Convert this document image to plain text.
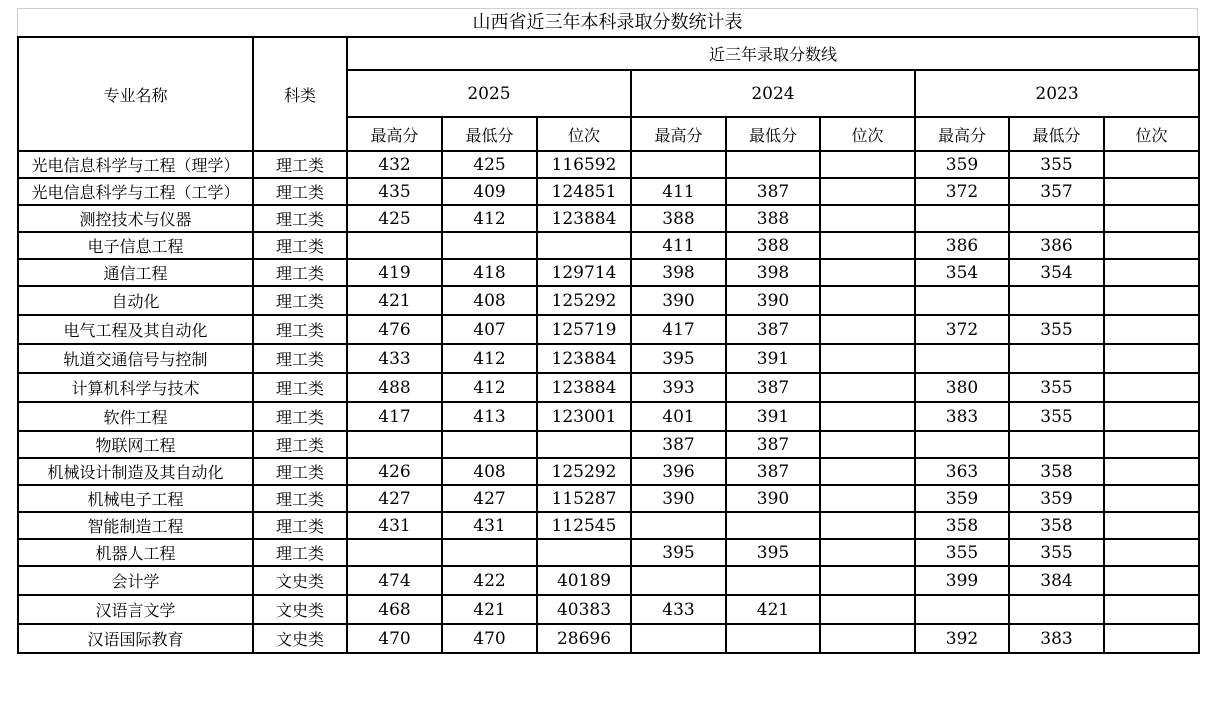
山西省近三年本科录取分数统计表
专业名称	科类	近三年录取分数线								
		2025			2024			2023		
		最高分	最低分	位次	最高分	最低分	位次	最高分	最低分	位次
光电信息科学与工程（理学）	理工类	432	425	116592				359	355	
光电信息科学与工程（工学）	理工类	435	409	124851	411	387		372	357	
测控技术与仪器	理工类	425	412	123884	388	388				
电子信息工程	理工类				411	388		386	386	
通信工程	理工类	419	418	129714	398	398		354	354	
自动化	理工类	421	408	125292	390	390				
电气工程及其自动化	理工类	476	407	125719	417	387		372	355	
轨道交通信号与控制	理工类	433	412	123884	395	391				
计算机科学与技术	理工类	488	412	123884	393	387		380	355	
软件工程	理工类	417	413	123001	401	391		383	355	
物联网工程	理工类				387	387				
机械设计制造及其自动化	理工类	426	408	125292	396	387		363	358	
机械电子工程	理工类	427	427	115287	390	390		359	359	
智能制造工程	理工类	431	431	112545				358	358	
机器人工程	理工类				395	395		355	355	
会计学	文史类	474	422	40189				399	384	
汉语言文学	文史类	468	421	40383	433	421				
汉语国际教育	文史类	470	470	28696				392	383	
